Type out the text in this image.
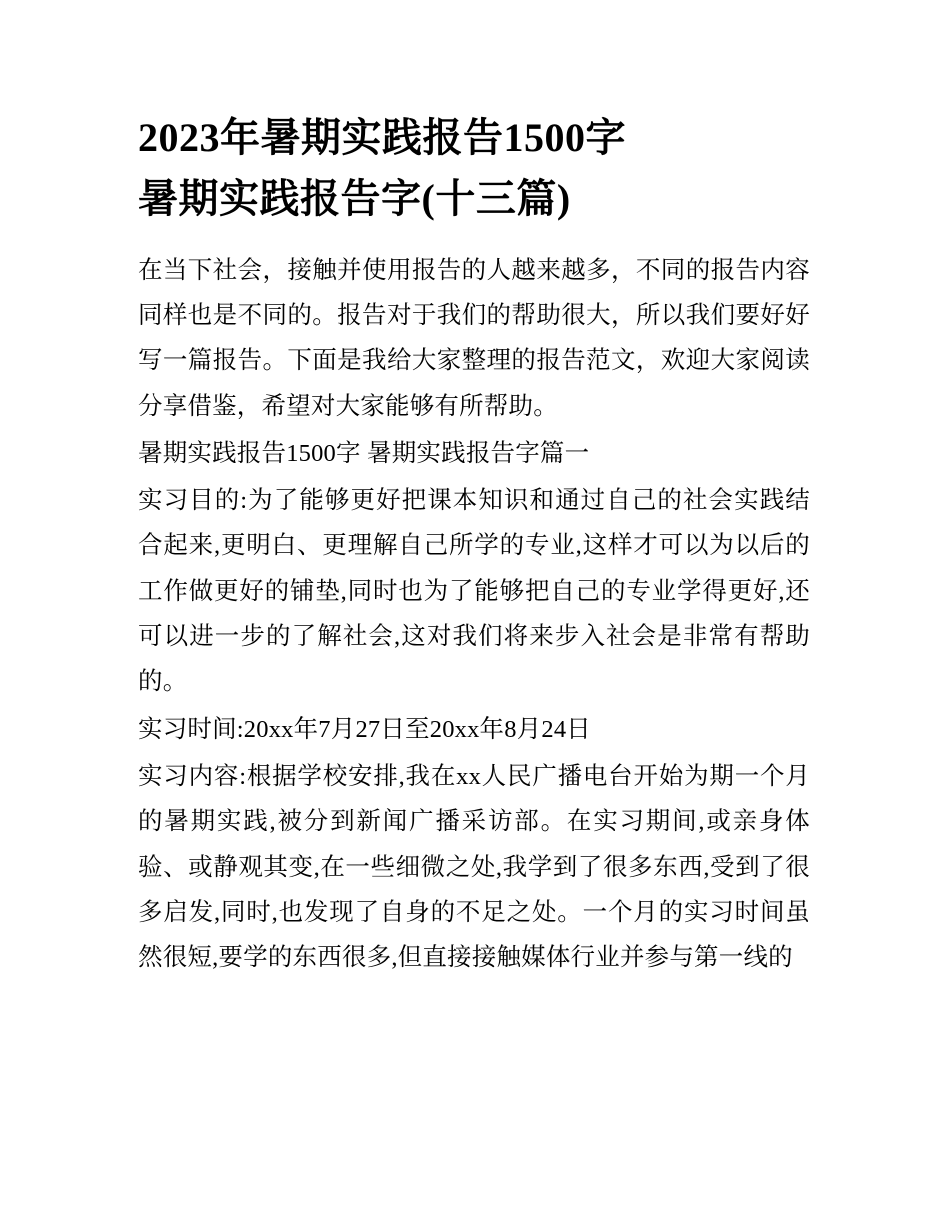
2023年暑期实践报告1500字
暑期实践报告字(十三篇)

在当下社会，接触并使用报告的人越来越多，不同的报告内容同样也是不同的。报告对于我们的帮助很大，所以我们要好好写一篇报告。下面是我给大家整理的报告范文，欢迎大家阅读分享借鉴，希望对大家能够有所帮助。

暑期实践报告1500字 暑期实践报告字篇一

实习目的:为了能够更好把课本知识和通过自己的社会实践结合起来,更明白、更理解自己所学的专业,这样才可以为以后的工作做更好的铺垫,同时也为了能够把自己的专业学得更好,还可以进一步的了解社会,这对我们将来步入社会是非常有帮助的。

实习时间:20xx年7月27日至20xx年8月24日

实习内容:根据学校安排,我在xx人民广播电台开始为期一个月的暑期实践,被分到新闻广播采访部。在实习期间,或亲身体验、或静观其变,在一些细微之处,我学到了很多东西,受到了很多启发,同时,也发现了自身的不足之处。一个月的实习时间虽然很短,要学的东西很多,但直接接触媒体行业并参与第一线的
